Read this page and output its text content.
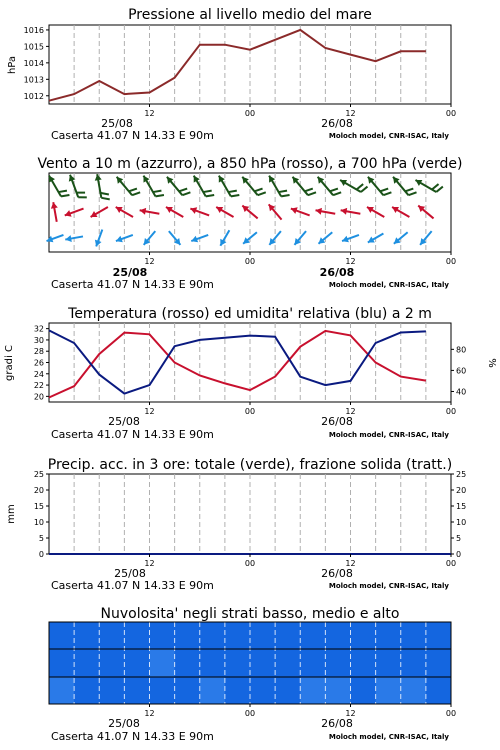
Pressione al livello medio del mare
1012
1013
1014
1015
1016
hPa
12	00	12	00
25/08	26/08
Caserta 41.07 N 14.33 E 90m	Moloch model, CNR-ISAC, Italy
Vento a 10 m (azzurro), a 850 hPa (rosso), a 700 hPa (verde)
12	00	12	00
25/08	26/08
Caserta 41.07 N 14.33 E 90m	Moloch model, CNR-ISAC, Italy
Temperatura (rosso) ed umidita' relativa (blu) a 2 m
20
22
24
26
28
30
32
40
60
80
gradi C	%
12	00	12	00
25/08	26/08
Caserta 41.07 N 14.33 E 90m	Moloch model, CNR-ISAC, Italy
Precip. acc. in 3 ore: totale (verde), frazione solida (tratt.)
0
5
10
15
20
25
0
5
10
15
20
25
mm
12	00	12	00
25/08	26/08
Caserta 41.07 N 14.33 E 90m	Moloch model, CNR-ISAC, Italy
Nuvolosita' negli strati basso, medio e alto
12	00	12	00
25/08	26/08
Caserta 41.07 N 14.33 E 90m	Moloch model, CNR-ISAC, Italy
